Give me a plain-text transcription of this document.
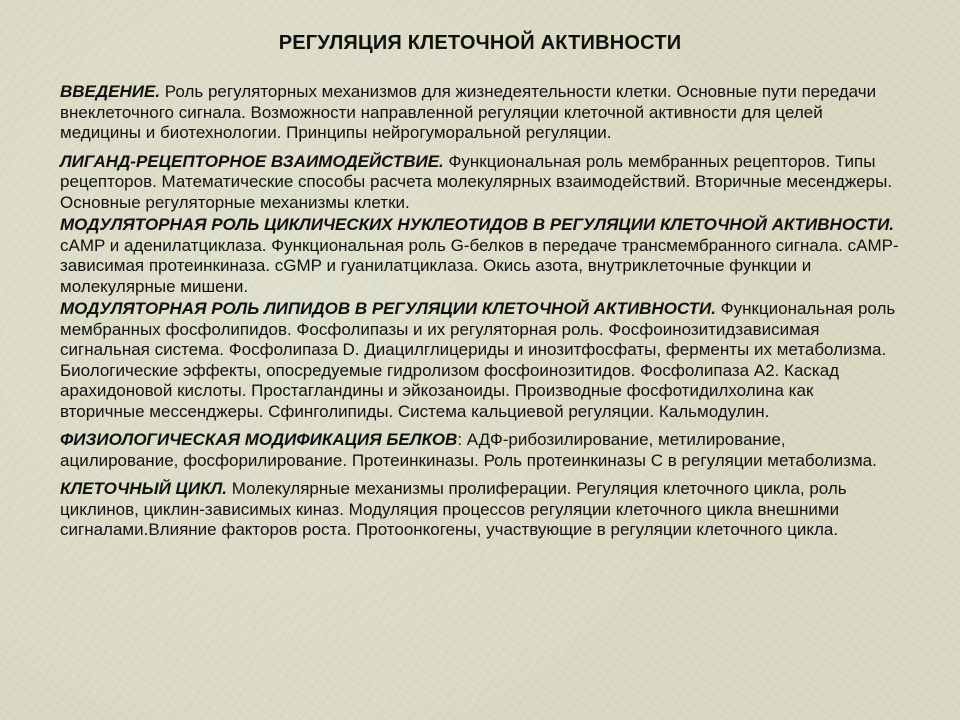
РЕГУЛЯЦИЯ КЛЕТОЧНОЙ АКТИВНОСТИ

ВВЕДЕНИЕ. Роль регуляторных механизмов для жизнедеятельности клетки. Основные пути передачи внеклеточного сигнала. Возможности направленной регуляции клеточной активности для целей медицины и биотехнологии. Принципы нейрогуморальной регуляции.

ЛИГАНД-РЕЦЕПТОРНОЕ ВЗАИМОДЕЙСТВИЕ. Функциональная роль мембранных рецепторов. Типы рецепторов. Математические способы расчета молекулярных взаимодействий. Вторичные месенджеры. Основные регуляторные механизмы клетки.

МОДУЛЯТОРНАЯ РОЛЬ ЦИКЛИЧЕСКИХ НУКЛЕОТИДОВ В РЕГУЛЯЦИИ КЛЕТОЧНОЙ АКТИВНОСТИ. cAMP и аденилатциклаза. Функциональная роль G-белков в передаче трансмембранного сигнала. cAMP-зависимая протеинкиназа. cGMP и гуанилатциклаза. Окись азота, внутриклеточные функции и молекулярные мишени.

МОДУЛЯТОРНАЯ РОЛЬ ЛИПИДОВ В РЕГУЛЯЦИИ КЛЕТОЧНОЙ АКТИВНОСТИ. Функциональная роль мембранных фосфолипидов. Фосфолипазы и их регуляторная роль. Фосфоинозитидзависимая сигнальная система. Фосфолипаза D. Диацилглицериды и инозитфосфаты, ферменты их метаболизма. Биологические эффекты, опосредуемые гидролизом фосфоинозитидов. Фосфолипаза А2. Каскад арахидоновой кислоты. Простагландины и эйкозаноиды. Производные фосфотидилхолина как вторичные мессенджеры. Сфинголипиды. Система кальциевой регуляции. Кальмодулин.

ФИЗИОЛОГИЧЕСКАЯ МОДИФИКАЦИЯ БЕЛКОВ: АДФ-рибозилирование, метилирование, ацилирование, фосфорилирование. Протеинкиназы. Роль протеинкиназы С в регуляции метаболизма.

КЛЕТОЧНЫЙ ЦИКЛ. Молекулярные механизмы пролиферации. Регуляция клеточного цикла, роль циклинов, циклин-зависимых киназ. Модуляция процессов регуляции клеточного цикла внешними сигналами.Влияние факторов роста. Протоонкогены, участвующие в регуляции клеточного цикла.
